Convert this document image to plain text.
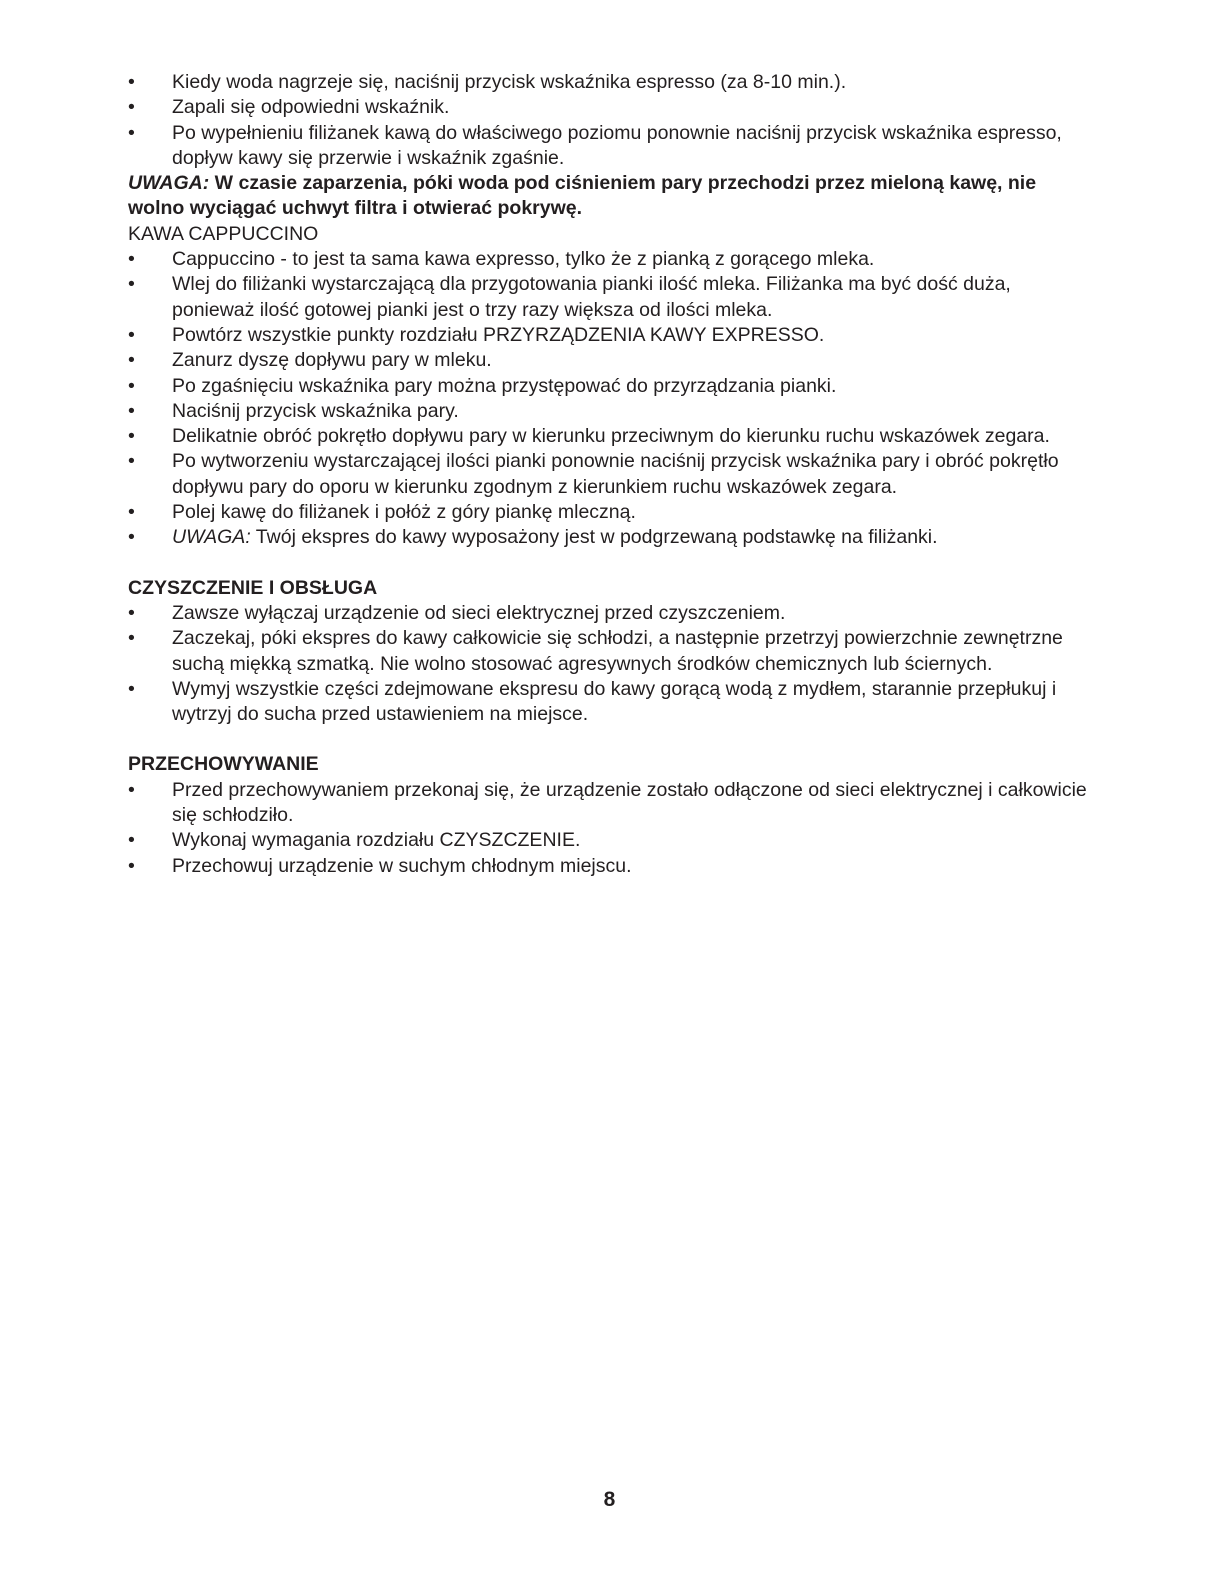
• Kiedy woda nagrzeje się, naciśnij przycisk wskaźnika espresso (za 8-10 min.).
• Zapali się odpowiedni wskaźnik.
• Po wypełnieniu filiżanek kawą do właściwego poziomu ponownie naciśnij przycisk wskaźnika espresso, dopływ kawy się przerwie i wskaźnik zgaśnie.
UWAGA: W czasie zaparzenia, póki woda pod ciśnieniem pary przechodzi przez mieloną kawę, nie wolno wyciągać uchwyt filtra i otwierać pokrywę.
KAWA CAPPUCCINO
• Cappuccino - to jest ta sama kawa expresso, tylko że z pianką z gorącego mleka.
• Wlej do filiżanki wystarczającą dla przygotowania pianki ilość mleka. Filiżanka ma być dość duża, ponieważ ilość gotowej pianki jest o trzy razy większa od ilości mleka.
• Powtórz wszystkie punkty rozdziału PRZYRZĄDZENIA KAWY EXPRESSO.
• Zanurz dyszę dopływu pary w mleku.
• Po zgaśnięciu wskaźnika pary można przystępować do przyrządzania pianki.
• Naciśnij przycisk wskaźnika pary.
• Delikatnie obróć pokrętło dopływu pary w kierunku przeciwnym do kierunku ruchu wskazówek zegara.
• Po wytworzeniu wystarczającej ilości pianki ponownie naciśnij przycisk wskaźnika pary i obróć pokrętło dopływu pary do oporu w kierunku zgodnym z kierunkiem ruchu wskazówek zegara.
• Polej kawę do filiżanek i połóż z góry piankę mleczną.
• UWAGA: Twój ekspres do kawy wyposażony jest w podgrzewaną podstawkę na filiżanki.
CZYSZCZENIE I OBSŁUGA
• Zawsze wyłączaj urządzenie od sieci elektrycznej przed czyszczeniem.
• Zaczekaj, póki ekspres do kawy całkowicie się schłodzi, a następnie przetrzyj powierzchnie zewnętrzne suchą miękką szmatką. Nie wolno stosować agresywnych środków chemicznych lub ściernych.
• Wymyj wszystkie części zdejmowane ekspresu do kawy gorącą wodą z mydłem, starannie przepłukuj i wytrzyj do sucha przed ustawieniem na miejsce.
PRZECHOWYWANIE
• Przed przechowywaniem przekonaj się, że urządzenie zostało odłączone od sieci elektrycznej i całkowicie się schłodziło.
• Wykonaj wymagania rozdziału CZYSZCZENIE.
• Przechowuj urządzenie w suchym chłodnym miejscu.
8
